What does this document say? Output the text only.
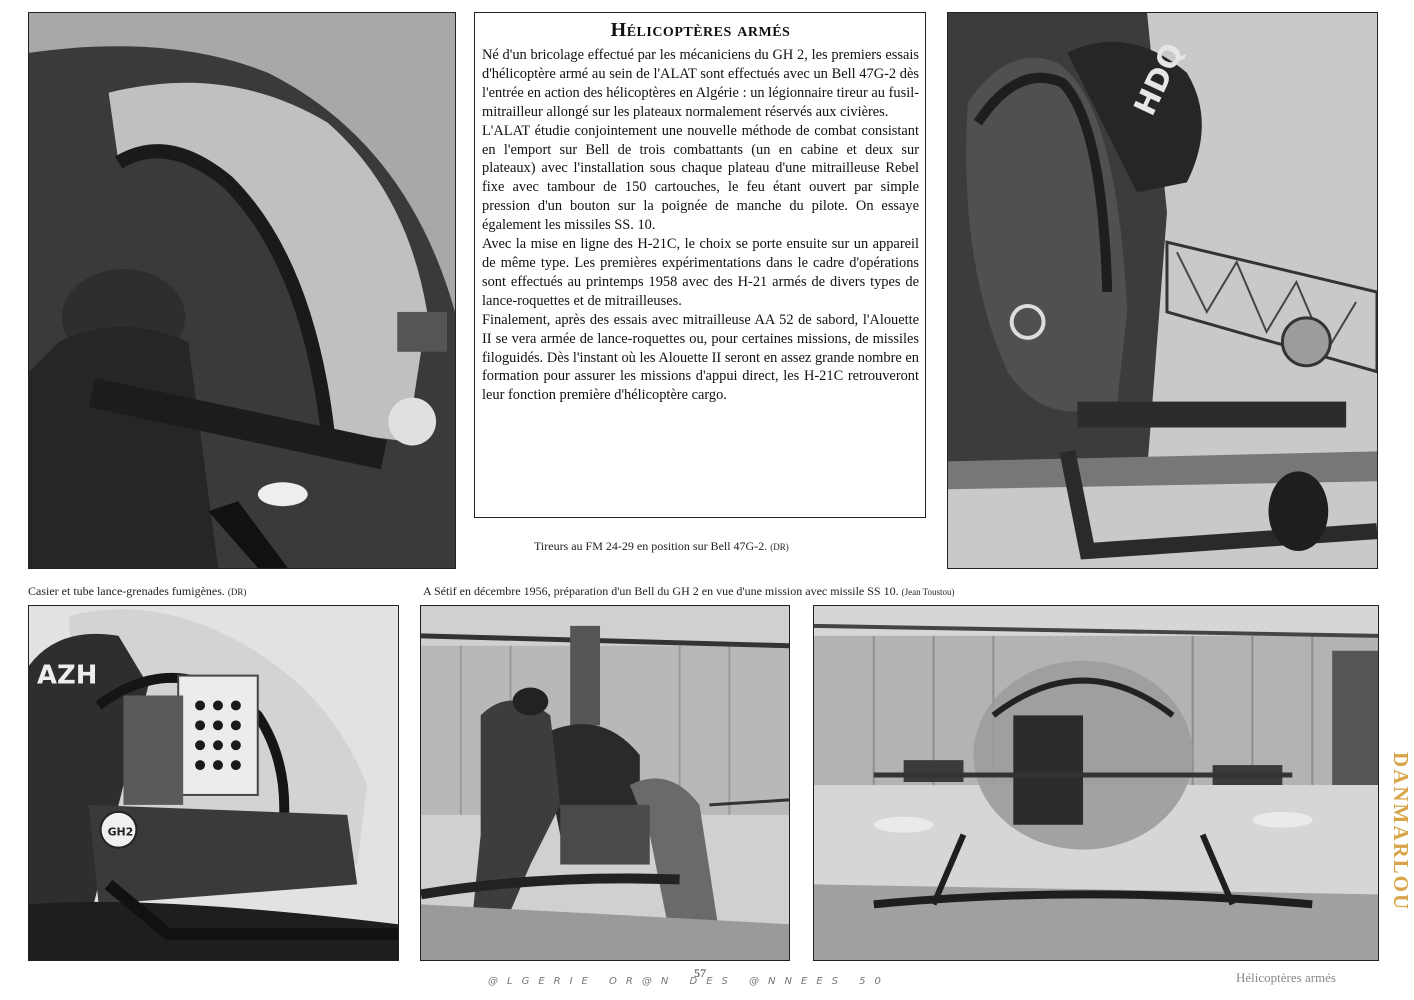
Hélicoptères armés

Né d'un bricolage effectué par les mécaniciens du GH 2, les premiers essais d'hélicoptère armé au sein de l'ALAT sont effectués avec un Bell 47G-2 dès l'entrée en action des hélicoptères en Algérie : un légionnaire tireur au fusil-mitrailleur allongé sur les plateaux normalement réservés aux civières.

L'ALAT étudie conjointement une nouvelle méthode de combat consistant en l'emport sur Bell de trois combattants (un en cabine et deux sur plateaux) avec l'installation sous chaque plateau d'une mitrailleuse Rebel fixe avec tambour de 150 cartouches, le feu étant ouvert par simple pression d'un bouton sur la poignée de manche du pilote. On essaye également les missiles SS. 10.

Avec la mise en ligne des H-21C, le choix se porte ensuite sur un appareil de même type. Les premières expérimentations dans le cadre d'opérations sont effectués au printemps 1958 avec des H-21 armés de divers types de lance-roquettes et de mitrailleuses.

Finalement, après des essais avec mitrailleuse AA 52 de sabord, l'Alouette II se vera armée de lance-roquettes ou, pour certaines missions, de missiles filoguidés. Dès l'instant où les Alouette II seront en assez grande nombre en formation pour assurer les missions d'appui direct, les H-21C retrouveront leur fonction première d'hélicoptère cargo.

Tireurs au FM 24-29 en position sur Bell 47G-2. (DR)
HDQ
Casier et tube lance-grenades fumigènes. (DR)	A Sétif en décembre 1956, préparation d'un Bell du GH 2 en vue d'une mission avec missile SS 10. (Jean Toustou)
AZH
GH2
57
@LGERIE OR@N DES @NNEES 50	Hélicoptères armés
DANMARLOU
